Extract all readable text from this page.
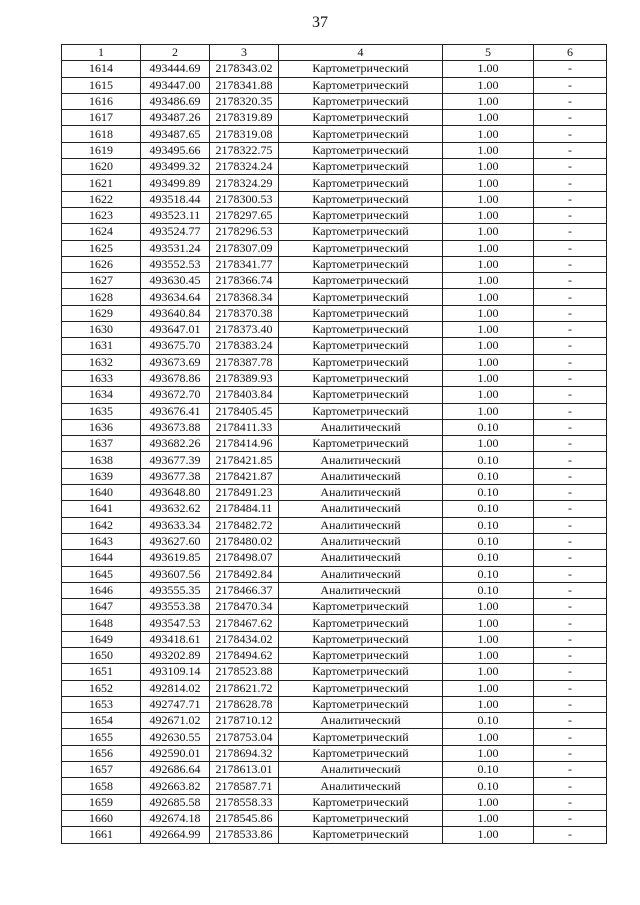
37
1	2	3	4	5	6
1614	493444.69	2178343.02	Картометрический	1.00	-
1615	493447.00	2178341.88	Картометрический	1.00	-
1616	493486.69	2178320.35	Картометрический	1.00	-
1617	493487.26	2178319.89	Картометрический	1.00	-
1618	493487.65	2178319.08	Картометрический	1.00	-
1619	493495.66	2178322.75	Картометрический	1.00	-
1620	493499.32	2178324.24	Картометрический	1.00	-
1621	493499.89	2178324.29	Картометрический	1.00	-
1622	493518.44	2178300.53	Картометрический	1.00	-
1623	493523.11	2178297.65	Картометрический	1.00	-
1624	493524.77	2178296.53	Картометрический	1.00	-
1625	493531.24	2178307.09	Картометрический	1.00	-
1626	493552.53	2178341.77	Картометрический	1.00	-
1627	493630.45	2178366.74	Картометрический	1.00	-
1628	493634.64	2178368.34	Картометрический	1.00	-
1629	493640.84	2178370.38	Картометрический	1.00	-
1630	493647.01	2178373.40	Картометрический	1.00	-
1631	493675.70	2178383.24	Картометрический	1.00	-
1632	493673.69	2178387.78	Картометрический	1.00	-
1633	493678.86	2178389.93	Картометрический	1.00	-
1634	493672.70	2178403.84	Картометрический	1.00	-
1635	493676.41	2178405.45	Картометрический	1.00	-
1636	493673.88	2178411.33	Аналитический	0.10	-
1637	493682.26	2178414.96	Картометрический	1.00	-
1638	493677.39	2178421.85	Аналитический	0.10	-
1639	493677.38	2178421.87	Аналитический	0.10	-
1640	493648.80	2178491.23	Аналитический	0.10	-
1641	493632.62	2178484.11	Аналитический	0.10	-
1642	493633.34	2178482.72	Аналитический	0.10	-
1643	493627.60	2178480.02	Аналитический	0.10	-
1644	493619.85	2178498.07	Аналитический	0.10	-
1645	493607.56	2178492.84	Аналитический	0.10	-
1646	493555.35	2178466.37	Аналитический	0.10	-
1647	493553.38	2178470.34	Картометрический	1.00	-
1648	493547.53	2178467.62	Картометрический	1.00	-
1649	493418.61	2178434.02	Картометрический	1.00	-
1650	493202.89	2178494.62	Картометрический	1.00	-
1651	493109.14	2178523.88	Картометрический	1.00	-
1652	492814.02	2178621.72	Картометрический	1.00	-
1653	492747.71	2178628.78	Картометрический	1.00	-
1654	492671.02	2178710.12	Аналитический	0.10	-
1655	492630.55	2178753.04	Картометрический	1.00	-
1656	492590.01	2178694.32	Картометрический	1.00	-
1657	492686.64	2178613.01	Аналитический	0.10	-
1658	492663.82	2178587.71	Аналитический	0.10	-
1659	492685.58	2178558.33	Картометрический	1.00	-
1660	492674.18	2178545.86	Картометрический	1.00	-
1661	492664.99	2178533.86	Картометрический	1.00	-
